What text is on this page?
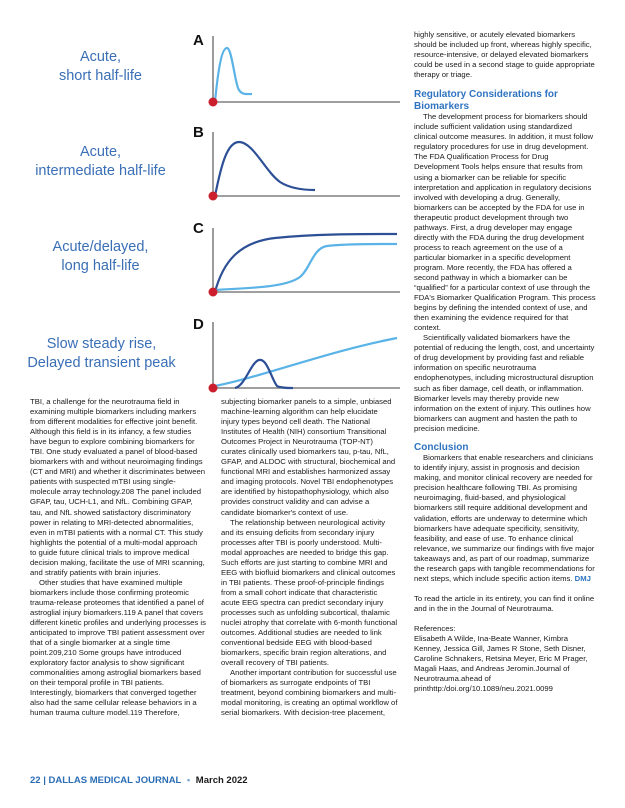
Acute,
short half-life
A
Acute,
intermediate half-life
B
Acute/delayed,
long half-life
C
Slow steady rise,
Delayed transient peak
D

TBI, a challenge for the neurotrauma field in examining multiple biomarkers including markers from different modalities for effective joint benefit.

Although this field is in its infancy, a few studies have begun to explore combining biomarkers for TBI. One study evaluated a panel of blood-based biomarkers with and without neuroimaging findings (CT and MRI) and whether it discriminates between patients with suspected mTBI using single-molecule array technology.208 The panel included GFAP, tau, UCH-L1, and NfL. Combining GFAP, tau, and NfL showed satisfactory discriminatory power in relating to MRI-detected abnormalities, even in mTBI patients with a normal CT. This study highlights the potential of a multi-modal approach to guide future clinical trials to improve medical decision making, facilitate the use of MRI scanning, and stratify patients with brain injuries.

Other studies that have examined multiple biomarkers include those confirming proteomic trauma-release proteomes that identified a panel of astroglial injury biomarkers.119 A panel that covers different kinetic profiles and underlying processes is anticipated to improve TBI patient assessment over that of a single biomarker at a single time point.209,210 Some groups have introduced exploratory factor analysis to show significant commonalities among astroglial biomarkers based on their temporal profile in TBI patients. Interestingly, biomarkers that converged together also had the same cellular release behaviors in a human trauma culture model.119 Therefore,

subjecting biomarker panels to a simple, unbiased machine-learning algorithm can help elucidate injury types beyond cell death. The National Institutes of Health (NIH) consortium Transitional Outcomes Project in Neurotrauma (TOP-NT) curates clinically used biomarkers tau, p-tau, NfL, GFAP, and ALDOC with structural, biochemical and functional MRI and establishes harmonized assay and imaging protocols. Novel TBI endophenotypes are identified by histopathophysiology, which also provides construct validity and can advise a candidate biomarker's context of use.

The relationship between neurological activity and its ensuing deficits from secondary injury processes after TBI is poorly understood. Multi-modal approaches are needed to bridge this gap. Such efforts are just starting to combine MRI and EEG with biofluid biomarkers and clinical outcomes in TBI patients. These proof-of-principle findings from a small cohort indicate that characteristic acute EEG spectra can predict secondary injury processes such as unfolding subcortical, thalamic nuclei atrophy that correlate with 6-month functional outcomes. Additional studies are needed to link conventional bedside EEG with blood-based biomarkers, specific brain region alterations, and overall recovery of TBI patients.

Another important contribution for successful use of biomarkers as surrogate endpoints of TBI treatment, beyond combining biomarkers and multi-modal monitoring, is creating an optimal workflow of serial biomarkers. With decision-tree placement,

highly sensitive, or acutely elevated biomarkers should be included up front, whereas highly specific, resource-intensive, or delayed elevated biomarkers could be used in a second stage to guide appropriate therapy or triage.

Regulatory Considerations for Biomarkers

The development process for biomarkers should include sufficient validation using standardized clinical outcome measures. In addition, it must follow regulatory procedures for use in drug development. The FDA Qualification Process for Drug Development Tools helps ensure that results from using a biomarker can be reliable for specific interpretation and application in regulatory decisions involved with developing a drug. Generally, biomarkers can be accepted by the FDA for use in therapeutic product development through two pathways. First, a drug developer may engage directly with the FDA during the drug development process to reach agreement on the use of a particular biomarker in a specific development program. More recently, the FDA has offered a second pathway in which a biomarker can be “qualified” for a particular context of use through the FDA's Biomarker Qualification Program. This process begins by defining the intended context of use, and then examining the evidence required for that context.

Scientifically validated biomarkers have the potential of reducing the length, cost, and uncertainty of drug development by providing fast and reliable information on specific neurotrauma endophenotypes, including microstructural disruption such as fiber damage, cell death, or inflammation. Biomarker levels may thereby provide new information on the extent of injury. This outlines how biomarkers can augment and hasten the path to precision medicine.

Conclusion

Biomarkers that enable researchers and clinicians to identify injury, assist in prognosis and decision making, and monitor clinical recovery are needed for precision healthcare following TBI. As promising neuroimaging, fluid-based, and physiological biomarkers still require additional development and validation, efforts are underway to determine which biomarkers have adequate specificity, sensitivity, feasibility, and ease of use. To enhance clinical relevance, we summarize our findings with five major takeaways and, as part of our roadmap, summarize the research gaps with tangible recommendations for next steps, which include specific action items. DMJ

To read the article in its entirety, you can find it online and in the in the Journal of Neurotrauma.

References:

Elisabeth A Wilde, Ina-Beate Wanner, Kimbra Kenney, Jessica Gill, James R Stone, Seth Disner, Caroline Schnakers, Retsina Meyer, Eric M Prager, Magali Haas, and Andreas Jeromin.Journal of Neurotrauma.ahead of printhttp:/doi.org/10.1089/neu.2021.0099

22 | DALLAS MEDICAL JOURNAL • March 2022
